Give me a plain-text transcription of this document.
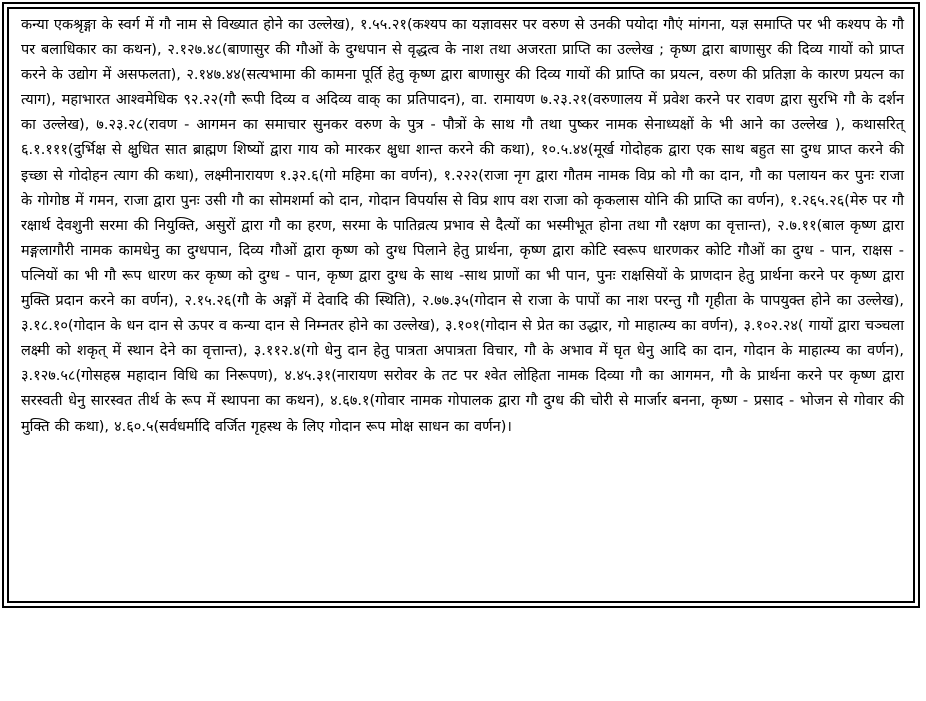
कन्या एकश्रृङ्गा के स्वर्ग में गौ नाम से विख्यात होने का उल्लेख), १.५५.२१(कश्यप का यज्ञावसर पर वरुण से उनकी पयोदा गौएं मांगना, यज्ञ समाप्ति पर भी कश्यप के गौ पर बलाधिकार का कथन), २.१२७.४८(बाणासुर की गौओं के दुग्धपान से वृद्धत्व के नाश तथा अजरता प्राप्ति का उल्लेख ; कृष्ण द्वारा बाणासुर की दिव्य गायों को प्राप्त करने के उद्योग में असफलता), २.१४७.४४(सत्यभामा की कामना पूर्ति हेतु कृष्ण द्वारा बाणासुर की दिव्य गायों की प्राप्ति का प्रयत्न, वरुण की प्रतिज्ञा के कारण प्रयत्न का त्याग), महाभारत आश्वमेधिक ९२.२२(गौ रूपी दिव्य व अदिव्य वाक् का प्रतिपादन), वा. रामायण ७.२३.२१(वरुणालय में प्रवेश करने पर रावण द्वारा सुरभि गौ के दर्शन का उल्लेख), ७.२३.२८(रावण - आगमन का समाचार सुनकर वरुण के पुत्र - पौत्रों के साथ गौ तथा पुष्कर नामक सेनाध्यक्षों के भी आने का उल्लेख ), कथासरित् ६.१.१११(दुर्भिक्ष से क्षुधित सात ब्राह्मण शिष्यों द्वारा गाय को मारकर क्षुधा शान्त करने की कथा), १०.५.४४(मूर्ख गोदोहक द्वारा एक साथ बहुत सा दुग्ध प्राप्त करने की इच्छा से गोदोहन त्याग की कथा), लक्ष्मीनारायण १.३२.६(गो महिमा का वर्णन), १.२२२(राजा नृग द्वारा गौतम नामक विप्र को गौ का दान, गौ का पलायन कर पुनः राजा के गोगोष्ठ में गमन, राजा द्वारा पुनः उसी गौ का सोमशर्मा को दान, गोदान विपर्यास से विप्र शाप वश राजा को कृकलास योनि की प्राप्ति का वर्णन), १.२६५.२६(मेरु पर गौ रक्षार्थ देवशुनी सरमा की नियुक्ति, असुरों द्वारा गौ का हरण, सरमा के पातिव्रत्य प्रभाव से दैत्यों का भस्मीभूत होना तथा गौ रक्षण का वृत्तान्त), २.७.११(बाल कृष्ण द्वारा मङ्गलागौरी नामक कामधेनु का दुग्धपान, दिव्य गौओं द्वारा कृष्ण को दुग्ध पिलाने हेतु प्रार्थना, कृष्ण द्वारा कोटि स्वरूप धारणकर कोटि गौओं का दुग्ध - पान, राक्षस - पत्नियों का भी गौ रूप धारण कर कृष्ण को दुग्ध - पान, कृष्ण द्वारा दुग्ध के साथ -साथ प्राणों का भी पान, पुनः राक्षसियों के प्राणदान हेतु प्रार्थना करने पर कृष्ण द्वारा मुक्ति प्रदान करने का वर्णन), २.१५.२६(गौ के अङ्गों में देवादि की स्थिति), २.७७.३५(गोदान से राजा के पापों का नाश परन्तु गौ गृहीता के पापयुक्त होने का उल्लेख), ३.१८.१०(गोदान के धन दान से ऊपर व कन्या दान से निम्नतर होने का उल्लेख), ३.१०१(गोदान से प्रेत का उद्धार, गो माहात्म्य का वर्णन), ३.१०२.२४( गायों द्वारा चञ्चला लक्ष्मी को शकृत् में स्थान देने का वृत्तान्त), ३.११२.४(गो धेनु दान हेतु पात्रता अपात्रता विचार, गौ के अभाव में घृत धेनु आदि का दान, गोदान के माहात्म्य का वर्णन), ३.१२७.५८(गोसहस्र महादान विधि का निरूपण), ४.४५.३१(नारायण सरोवर के तट पर श्वेत लोहिता नामक दिव्या गौ का आगमन, गौ के प्रार्थना करने पर कृष्ण द्वारा सरस्वती धेनु सारस्वत तीर्थ के रूप में स्थापना का कथन), ४.६७.१(गोवार नामक गोपालक द्वारा गौ दुग्ध की चोरी से मार्जार बनना, कृष्ण - प्रसाद - भोजन से गोवार की मुक्ति की कथा), ४.६०.५(सर्वधर्मादि वर्जित गृहस्थ के लिए गोदान रूप मोक्ष साधन का वर्णन)।
